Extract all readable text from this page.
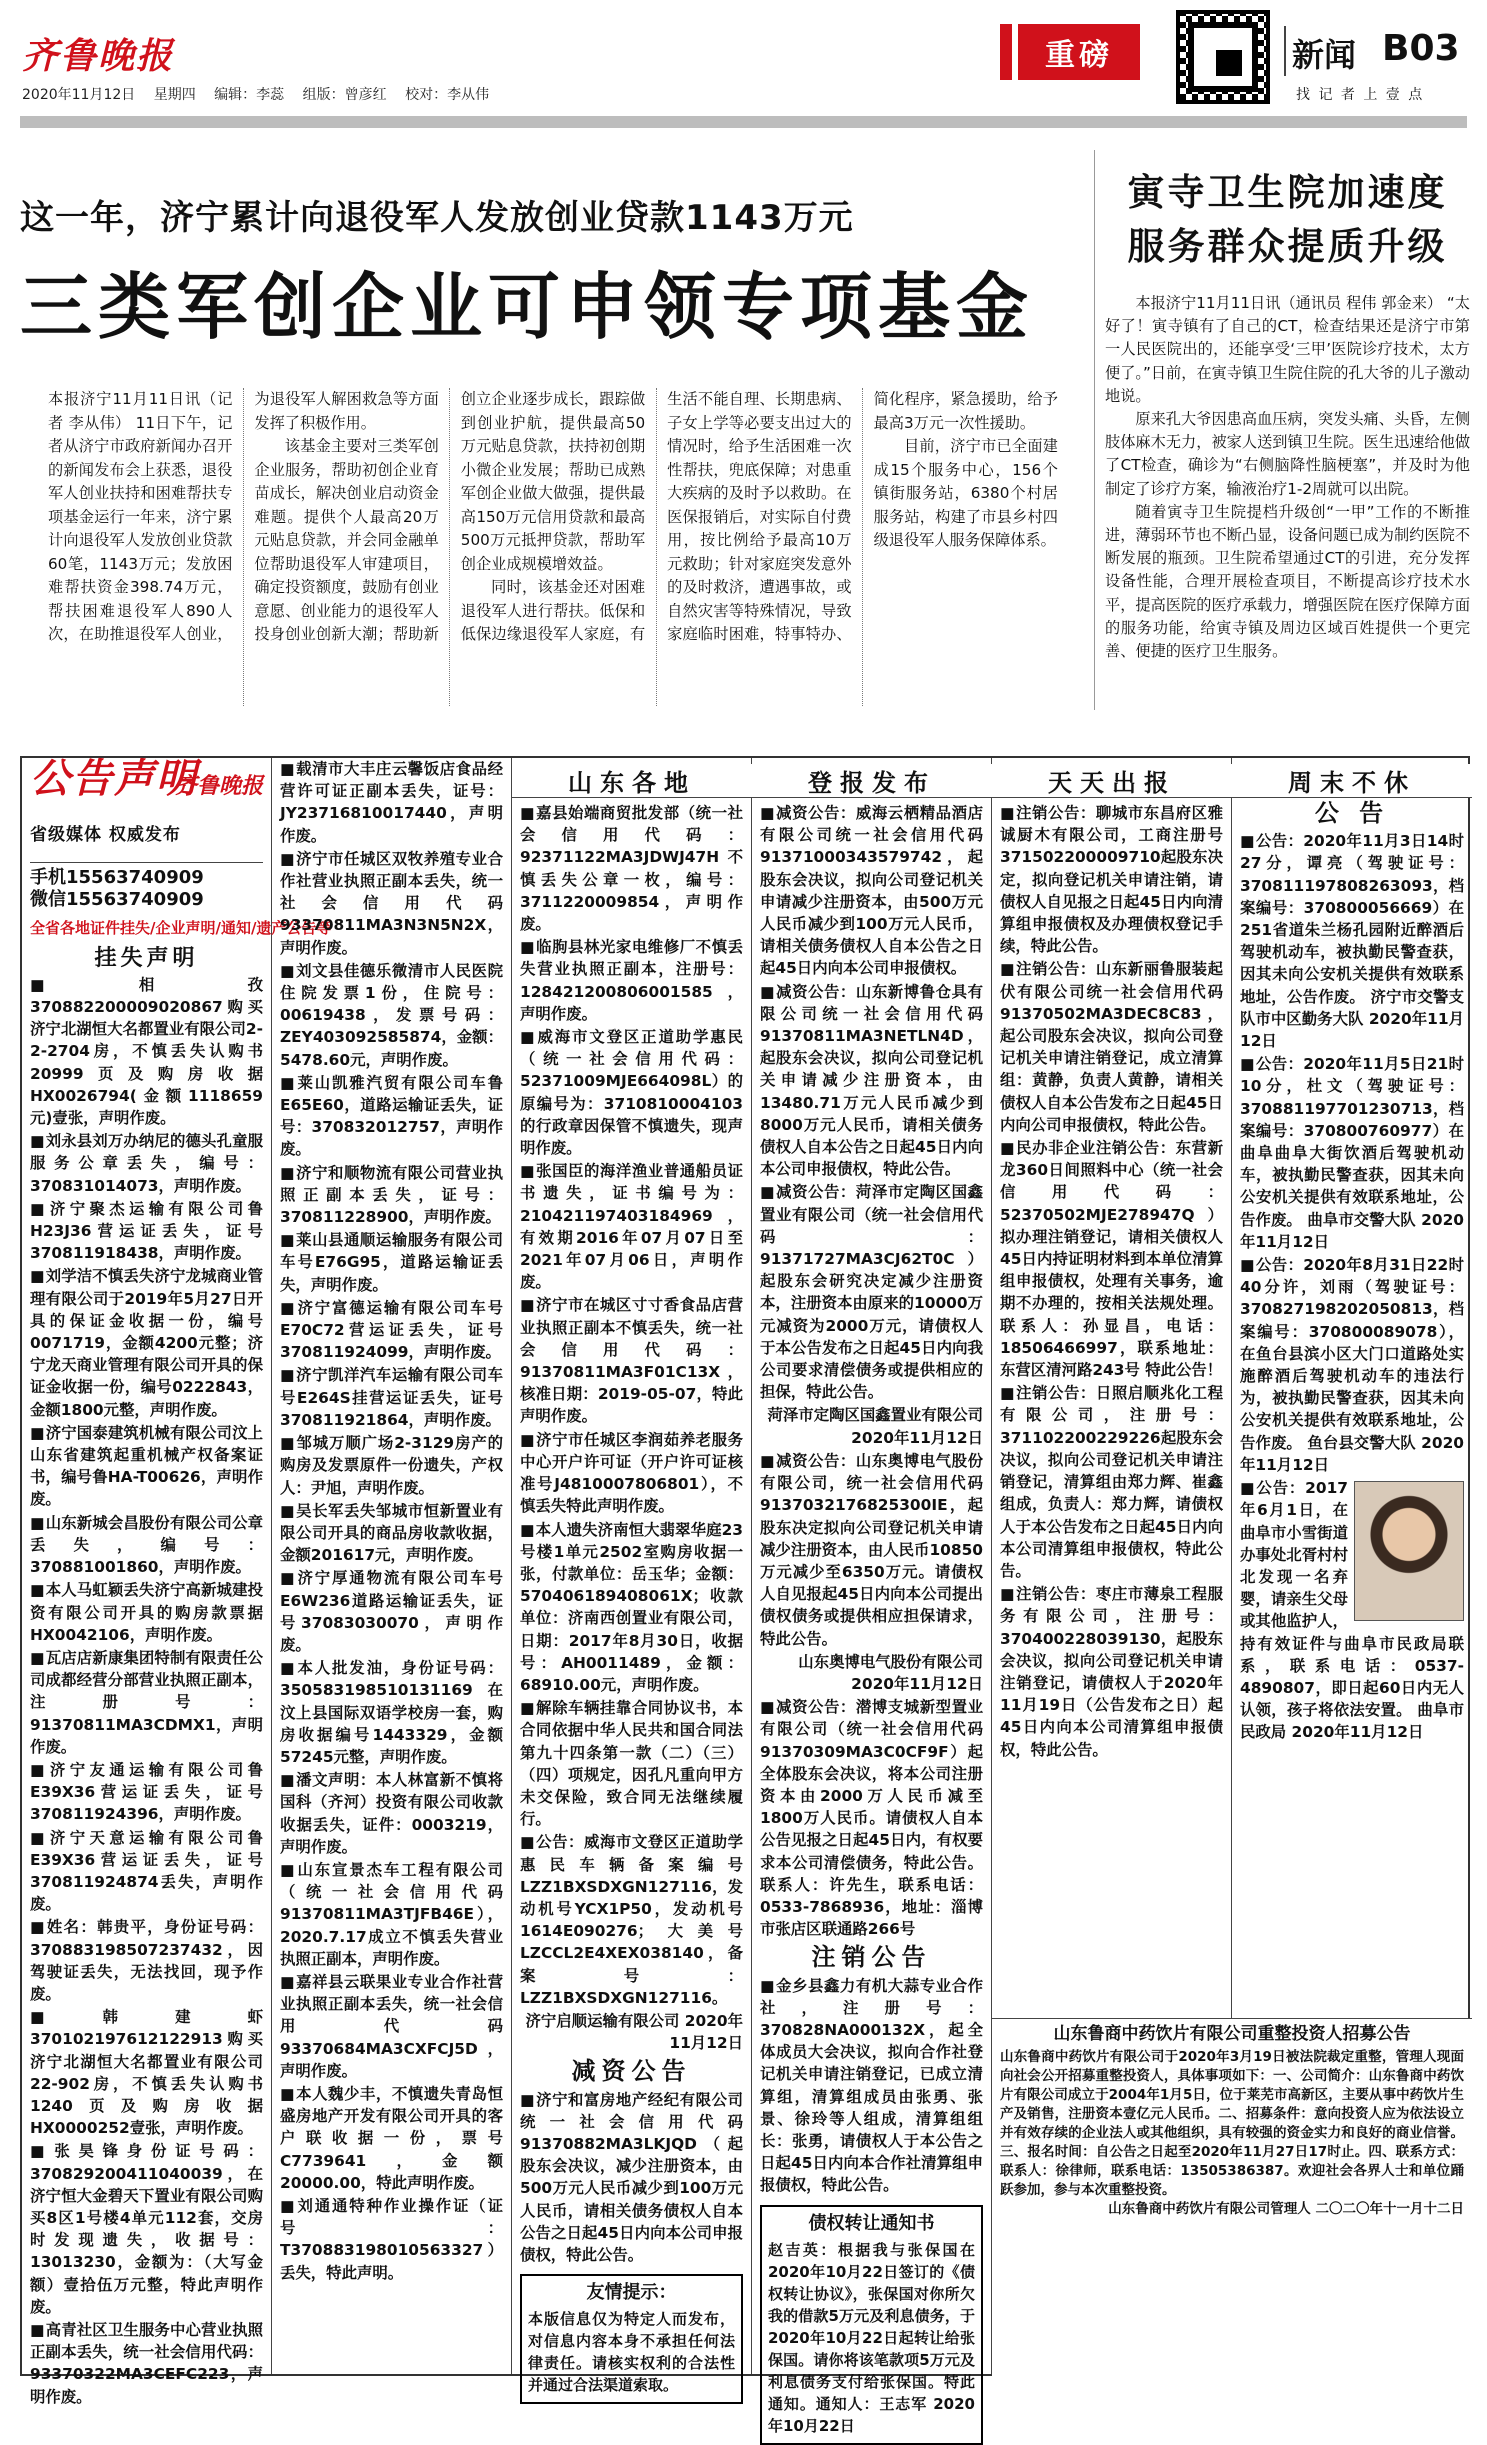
齐鲁晚报
2020年11月12日 星期四 编辑：李蕊 组版：曾彦红 校对：李从伟
重磅	新闻 B03
找 记 者 上 壹 点
这一年，济宁累计向退役军人发放创业贷款1143万元
三类军创企业可申领专项基金

本报济宁11月11日讯（记者 李从伟） 11日下午，记者从济宁市政府新闻办召开的新闻发布会上获悉，退役军人创业扶持和困难帮扶专项基金运行一年来，济宁累计向退役军人发放创业贷款60笔，1143万元；发放困难帮扶资金398.74万元，帮扶困难退役军人890人次，在助推退役军人创业，为退役军人解困救急等方面发挥了积极作用。

该基金主要对三类军创企业服务，帮助初创企业育苗成长，解决创业启动资金难题。提供个人最高20万元贴息贷款，并会同金融单位帮助退役军人审建项目，确定投资额度，鼓励有创业意愿、创业能力的退役军人投身创业创新大潮；帮助新创立企业逐步成长，跟踪做到创业护航，提供最高50万元贴息贷款，扶持初创期小微企业发展；帮助已成熟军创企业做大做强，提供最高150万元信用贷款和最高500万元抵押贷款，帮助军创企业成规模增效益。

同时，该基金还对困难退役军人进行帮扶。低保和低保边缘退役军人家庭，有生活不能自理、长期患病、子女上学等必要支出过大的情况时，给予生活困难一次性帮扶，兜底保障；对患重大疾病的及时予以救助。在医保报销后，对实际自付费用，按比例给予最高10万元救助；针对家庭突发意外的及时救济，遭遇事故，或自然灾害等特殊情况，导致家庭临时困难，特事特办、简化程序，紧急援助，给予最高3万元一次性援助。

目前，济宁市已全面建成15个服务中心，156个镇街服务站，6380个村居服务站，构建了市县乡村四级退役军人服务保障体系。

寅寺卫生院加速度
服务群众提质升级

本报济宁11月11日讯（通讯员 程伟 郭金来） “太好了！寅寺镇有了自己的CT，检查结果还是济宁市第一人民医院出的，还能享受‘三甲’医院诊疗技术，太方便了。”日前，在寅寺镇卫生院住院的孔大爷的儿子激动地说。

原来孔大爷因患高血压病，突发头痛、头昏，左侧肢体麻木无力，被家人送到镇卫生院。医生迅速给他做了CT检查，确诊为“右侧脑降性脑梗塞”，并及时为他制定了诊疗方案，输液治疗1-2周就可以出院。

随着寅寺卫生院提档升级创“一甲”工作的不断推进，薄弱环节也不断凸显，设备问题已成为制约医院不断发展的瓶颈。卫生院希望通过CT的引进，充分发挥设备性能，合理开展检查项目，不断提高诊疗技术水平，提高医院的医疗承载力，增强医院在医疗保障方面的服务功能，给寅寺镇及周边区域百姓提供一个更完善、便捷的医疗卫生服务。

山东各地	登报发布	天天出报	周末不休
公告声明
齐鲁晚报
省级媒体 权威发布
手机15563740909
微信15563740909
全省各地证件挂失/企业声明/通知/遗产公告等
挂失声明

■ 相孜370882200009020867购买济宁北湖恒大名都置业有限公司2-2-2704房，不慎丢失认购书20999页及购房收据HX0026794(金额1118659元)壹张，声明作废。

■ 刘永县刘万办纳尼的德头孔童服服务公章丢失，编号：370831014073，声明作废。

■ 济宁聚杰运输有限公司鲁H23J36营运证丢失，证号370811918438，声明作废。

■ 刘学洁不慎丢失济宁龙城商业管理有限公司于2019年5月27日开具的保证金收据一份，编号0071719，金额4200元整；济宁龙天商业管理有限公司开具的保证金收据一份，编号0222843，金额1800元整，声明作废。

■ 济宁国泰建筑机械有限公司汶上山东省建筑起重机械产权备案证书，编号鲁HA-T00626，声明作废。

■ 山东新城会昌股份有限公司公章丢失，编号：370881001860，声明作废。

■ 本人马虹颖丢失济宁高新城建投资有限公司开具的购房款票据HX0042106，声明作废。

■ 瓦店店新康集团特制有限责任公司成都经营分部营业执照正副本，注册号：91370811MA3CDMX1，声明作废。

■ 济宁友通运输有限公司鲁E39X36营运证丢失，证号370811924396，声明作废。

■ 济宁天意运输有限公司鲁E39X36营运证丢失，证号370811924874丢失，声明作废。

■ 姓名：韩贵平，身份证号码：370883198507237432，因驾驶证丢失，无法找回，现予作废。

■ 韩建虾370102197612122913购买济宁北湖恒大名都置业有限公司22-902房，不慎丢失认购书1240页及购房收据HX0000252壹张，声明作废。

■ 张昊锋身份证号码：370829200411040039，在济宁恒大金碧天下置业有限公司购买8区1号楼4单元112套，交房时发现遗失，收据号：13013230，金额为：（大写金额）壹拾伍万元整，特此声明作废。

■ 高青社区卫生服务中心营业执照正副本丢失，统一社会信用代码：93370322MA3CEFC223，声明作废。

■ 载清市大丰庄云馨饭店食品经营许可证正副本丢失，证号：JY23716810017440，声明作废。

■ 济宁市任城区双牧养殖专业合作社营业执照正副本丢失，统一社会信用代码93370811MA3N3N5N2X，声明作废。

■ 刘文县佳德乐微清市人民医院住院发票1份，住院号：00619438，发票号码：ZEY403092585874，金额：5478.60元，声明作废。

■ 莱山凯雅汽贸有限公司车鲁E65E60，道路运输证丢失，证号：370832012757，声明作废。

■ 济宁和顺物流有限公司营业执照正副本丢失，证号：370811228900，声明作废。

■ 莱山县通顺运输服务有限公司车号E76G95，道路运输证丢失，声明作废。

■ 济宁富德运输有限公司车号E70C72营运证丢失，证号370811924099，声明作废。

■ 济宁凯洋汽车运输有限公司车号E264S挂营运证丢失，证号370811921864，声明作废。

■ 邹城万顺广场2-3129房产的购房及发票原件一份遗失，产权人：尹旭，声明作废。

■ 吴长军丢失邹城市恒新置业有限公司开具的商品房收款收据，金额201617元，声明作废。

■ 济宁厚通物流有限公司车号E6W236道路运输证丢失，证号37083030070，声明作废。

■ 本人批发油，身份证号码：350583198510131169在汶上县国际双语学校房一套，购房收据编号1443329，金额57245元整，声明作废。

■ 潘文声明：本人林富新不慎将国科（齐河）投资有限公司收款收据丢失，证件：0003219，声明作废。

■ 山东宣景杰车工程有限公司（统一社会信用代码91370811MA3TJFB46E），2020.7.17成立不慎丢失营业执照正副本，声明作废。

■ 嘉祥县云联果业专业合作社营业执照正副本丢失，统一社会信用代码93370684MA3CXFCJ5D，声明作废。

■ 本人魏少丰，不慎遗失青岛恒盛房地产开发有限公司开具的客户联收据一份，票号C7739641，金额20000.00，特此声明作废。

■ 刘通通特种作业操作证（证号：T370883198010563327）丢失，特此声明。

■ 嘉县始端商贸批发部（统一社会信用代码：92371122MA3JDWJ47H不慎丢失公章一枚，编号：3711220009854，声明作废。

■ 临朐县林光家电维修厂不慎丢失营业执照正副本，注册号：128421200806001585，声明作废。

■ 威海市文登区正道助学惠民（统一社会信用代码：52371009MJE664098L）的原编号为：3710810004103的行政章因保管不慎遗失，现声明作废。

■ 张国臣的海洋渔业普通船员证书遗失，证书编号为：210421197403184969，有效期2016年07月07日至2021年07月06日，声明作废。

■ 济宁市在城区寸寸香食品店营业执照正副本不慎丢失，统一社会信用代码：91370811MA3F01C13X，核准日期：2019-05-07，特此声明作废。

■ 济宁市任城区李润茹养老服务中心开户许可证（开户许可证核准号J4810007806801），不慎丢失特此声明作废。

■ 本人遗失济南恒大翡翠华庭23号楼1单元2502室购房收据一张，付款单位：岳玉华；金额：570406189408061X；收款单位：济南西创置业有限公司，日期：2017年8月30日，收据号：AH0011489，金额：68910.00元，声明作废。

■ 解除车辆挂靠合同协议书，本合同依据中华人民共和国合同法第九十四条第一款（二）（三）（四）项规定，因孔凡重向甲方未交保险，致合同无法继续履行。

■ 公告：威海市文登区正道助学惠民车辆备案编号LZZ1BXSDXGN127116，发动机号YCX1P50，发动机号1614E090276；大美号LZCCL2E4XEX038140，备案号：LZZ1BXSDXGN127116。

济宁启顺运输有限公司 2020年11月12日

减资公告

■ 济宁和富房地产经纪有限公司统一社会信用代码91370882MA3LKJQD（起股东会决议，减少注册资本，由500万元人民币减少到100万元人民币，请相关债务债权人自本公告之日起45日内向本公司申报债权，特此公告。

友情提示：
本版信息仅为特定人而发布，对信息内容本身不承担任何法律责任。请核实权利的合法性并通过合法渠道索取。

■ 减资公告：威海云栖精品酒店有限公司统一社会信用代码91371000343579742，起股东会决议，拟向公司登记机关申请减少注册资本，由500万元人民币减少到100万元人民币，请相关债务债权人自本公告之日起45日内向本公司申报债权。

■ 减资公告：山东新博鲁仓具有限公司统一社会信用代码91370811MA3NETLN4D，起股东会决议，拟向公司登记机关申请减少注册资本，由13480.71万元人民币减少到8000万元人民币，请相关债务债权人自本公告之日起45日内向本公司申报债权，特此公告。

■ 减资公告：菏泽市定陶区国鑫置业有限公司（统一社会信用代码：91371727MA3CJ62T0C）起股东会研究决定减少注册资本，注册资本由原来的10000万元减资为2000万元，请债权人于本公告发布之日起45日内向我公司要求清偿债务或提供相应的担保，特此公告。

菏泽市定陶区国鑫置业有限公司 2020年11月12日

■ 减资公告：山东奥博电气股份有限公司，统一社会信用代码9137032176825300IE，起股东决定拟向公司登记机关申请减少注册资本，由人民币10850万元减少至6350万元。请债权人自见报起45日内向本公司提出债权债务或提供相应担保请求，特此公告。

山东奥博电气股份有限公司 2020年11月12日

■ 减资公告：潜博支城新型置业有限公司（统一社会信用代码91370309MA3C0CF9F）起全体股东会决议，将本公司注册资本由2000万人民币减至1800万人民币。请债权人自本公告见报之日起45日内，有权要求本公司清偿债务，特此公告。联系人：许先生，联系电话：0533-7868936，地址：淄博市张店区联通路266号

注销公告

■ 金乡县鑫力有机大蒜专业合作社，注册号：370828NA000132X，起全体成员大会决议，拟向合作社登记机关申请注销登记，已成立清算组，清算组成员由张勇、张景、徐玲等人组成，清算组组长：张勇，请债权人于本公告之日起45日内向本合作社清算组申报债权，特此公告。

债权转让通知书
赵吉英：根据我与张保国在2020年10月22日签订的《债权转让协议》，张保国对你所欠我的借款5万元及利息债务，于2020年10月22日起转让给张保国。请你将该笔款项5万元及利息债务支付给张保国。特此通知。通知人：王志军 2020年10月22日

■ 注销公告：聊城市东昌府区雅诚厨木有限公司，工商注册号371502200009710起股东决定，拟向登记机关申请注销，请债权人自见报之日起45日内向清算组申报债权及办理债权登记手续，特此公告。

■ 注销公告：山东新丽鲁服装起伏有限公司统一社会信用代码91370502MA3DEC8C83，起公司股东会决议，拟向公司登记机关申请注销登记，成立清算组：黄静，负责人黄静，请相关债权人自本公告发布之日起45日内向公司申报债权，特此公告。

■ 民办非企业注销公告：东营新龙360日间照料中心（统一社会信用代码：52370502MJE278947Q）拟办理注销登记，请相关债权人45日内持证明材料到本单位清算组申报债权，处理有关事务，逾期不办理的，按相关法规处理。联系人：孙显昌，电话：18506466997，联系地址：东营区清河路243号 特此公告！

■ 注销公告：日照启顺兆化工程有限公司，注册号：371102200229226起股东会决议，拟向公司登记机关申请注销登记，清算组由郑力辉、崔鑫组成，负责人：郑力辉，请债权人于本公告发布之日起45日内向本公司清算组申报债权，特此公告。

■ 注销公告：枣庄市薄泉工程服务有限公司，注册号：370400228039130，起股东会决议，拟向公司登记机关申请注销登记，请债权人于2020年11月19日（公告发布之日）起45日内向本公司清算组申报债权，特此公告。

公 告

■ 公告：2020年11月3日14时27分，谭亮（驾驶证号：370811197808263093，档案编号：370800056669）在251省道朱兰杨孔园附近醉酒后驾驶机动车，被执勤民警查获，因其未向公安机关提供有效联系地址，公告作废。 济宁市交警支队市中区勤务大队 2020年11月12日

■ 公告：2020年11月5日21时10分，杜文（驾驶证号：370881197701230713，档案编号：370800760977）在曲阜曲阜大街饮酒后驾驶机动车，被执勤民警查获，因其未向公安机关提供有效联系地址，公告作废。 曲阜市交警大队 2020年11月12日

■ 公告：2020年8月31日22时40分许，刘雨（驾驶证号：370827198202050813，档案编号：370800089078），在鱼台县滨小区大门口道路处实施醉酒后驾驶机动车的违法行为，被执勤民警查获，因其未向公安机关提供有效联系地址，公告作废。 鱼台县交警大队 2020年11月12日

■ 公告：2017年6月1日，在曲阜市小雪街道办事处北胥村村北发现一名弃婴，请亲生父母或其他监护人，持有效证件与曲阜市民政局联系，联系电话：0537-4890807，即日起60日内无人认领，孩子将依法安置。 曲阜市民政局 2020年11月12日

山东鲁商中药饮片有限公司重整投资人招募公告
山东鲁商中药饮片有限公司于2020年3月19日被法院裁定重整，管理人现面向社会公开招募重整投资人，具体事项如下：一、公司简介：山东鲁商中药饮片有限公司成立于2004年1月5日，位于莱芜市高新区，主要从事中药饮片生产及销售，注册资本壹亿元人民币。二、招募条件：意向投资人应为依法设立并有效存续的企业法人或其他组织，具有较强的资金实力和良好的商业信誉。三、报名时间：自公告之日起至2020年11月27日17时止。四、联系方式：联系人：徐律师，联系电话：13505386387。欢迎社会各界人士和单位踊跃参加，参与本次重整投资。
山东鲁商中药饮片有限公司管理人 二〇二〇年十一月十二日
